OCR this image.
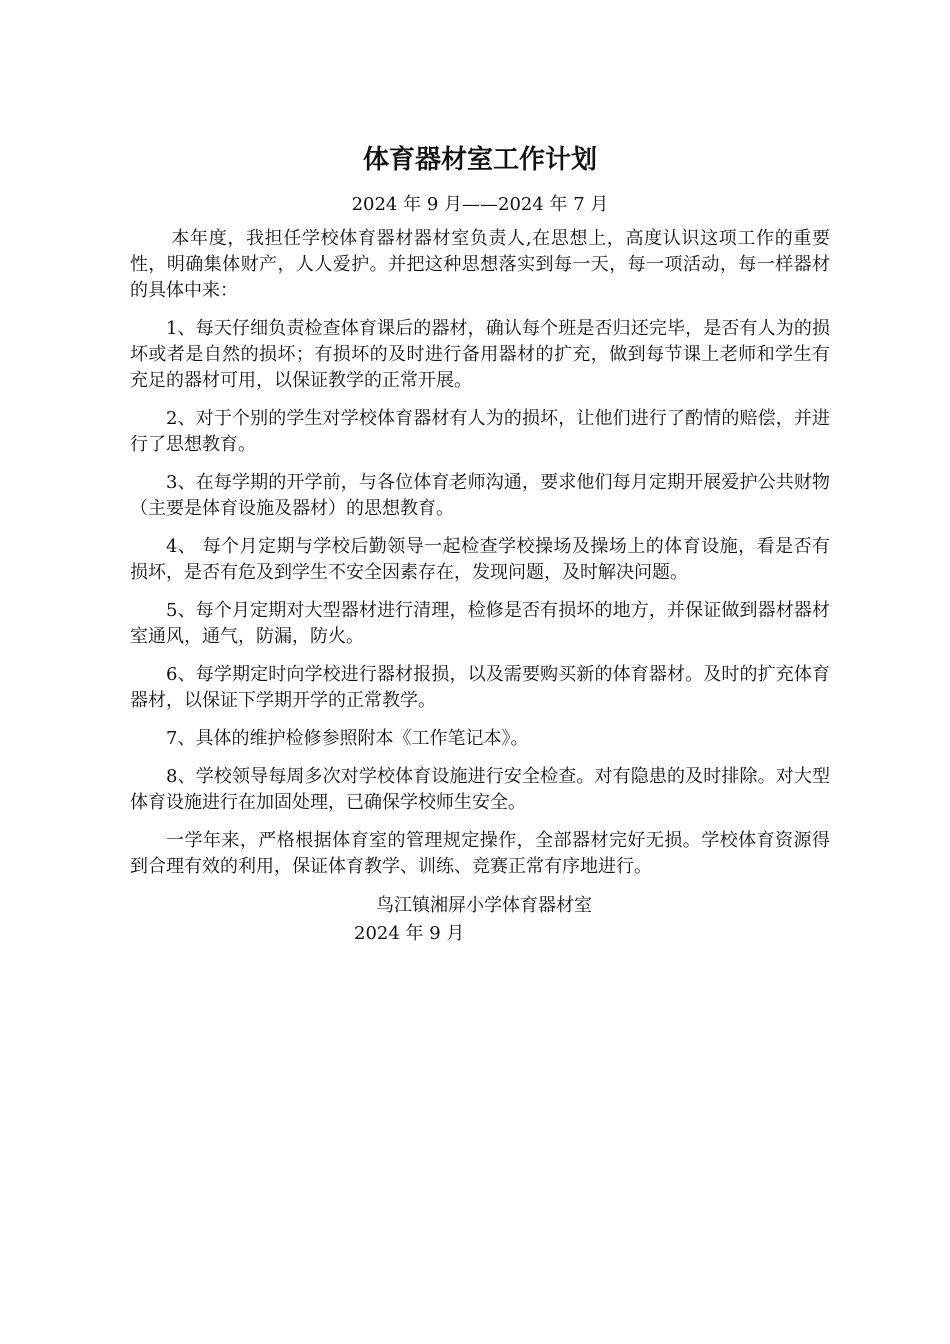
体育器材室工作计划
2024 年 9 月——2024 年 7 月

本年度，我担任学校体育器材器材室负责人,在思想上，高度认识这项工作的重要性，明确集体财产，人人爱护。并把这种思想落实到每一天，每一项活动，每一样器材的具体中来：

1、每天仔细负责检查体育课后的器材，确认每个班是否归还完毕，是否有人为的损坏或者是自然的损坏；有损坏的及时进行备用器材的扩充，做到每节课上老师和学生有充足的器材可用，以保证教学的正常开展。

2、对于个别的学生对学校体育器材有人为的损坏，让他们进行了酌情的赔偿，并进行了思想教育。

3、在每学期的开学前，与各位体育老师沟通，要求他们每月定期开展爱护公共财物（主要是体育设施及器材）的思想教育。

4、 每个月定期与学校后勤领导一起检查学校操场及操场上的体育设施，看是否有损坏，是否有危及到学生不安全因素存在，发现问题，及时解决问题。

5、每个月定期对大型器材进行清理，检修是否有损坏的地方，并保证做到器材器材室通风，通气，防漏，防火。

6、每学期定时向学校进行器材报损，以及需要购买新的体育器材。及时的扩充体育器材，以保证下学期开学的正常教学。

7、具体的维护检修参照附本《工作笔记本》。

8、学校领导每周多次对学校体育设施进行安全检查。对有隐患的及时排除。对大型体育设施进行在加固处理，已确保学校师生安全。

一学年来，严格根据体育室的管理规定操作，全部器材完好无损。学校体育资源得到合理有效的利用，保证体育教学、训练、竞赛正常有序地进行。

鸟江镇湘屏小学体育器材室
2024 年 9 月
